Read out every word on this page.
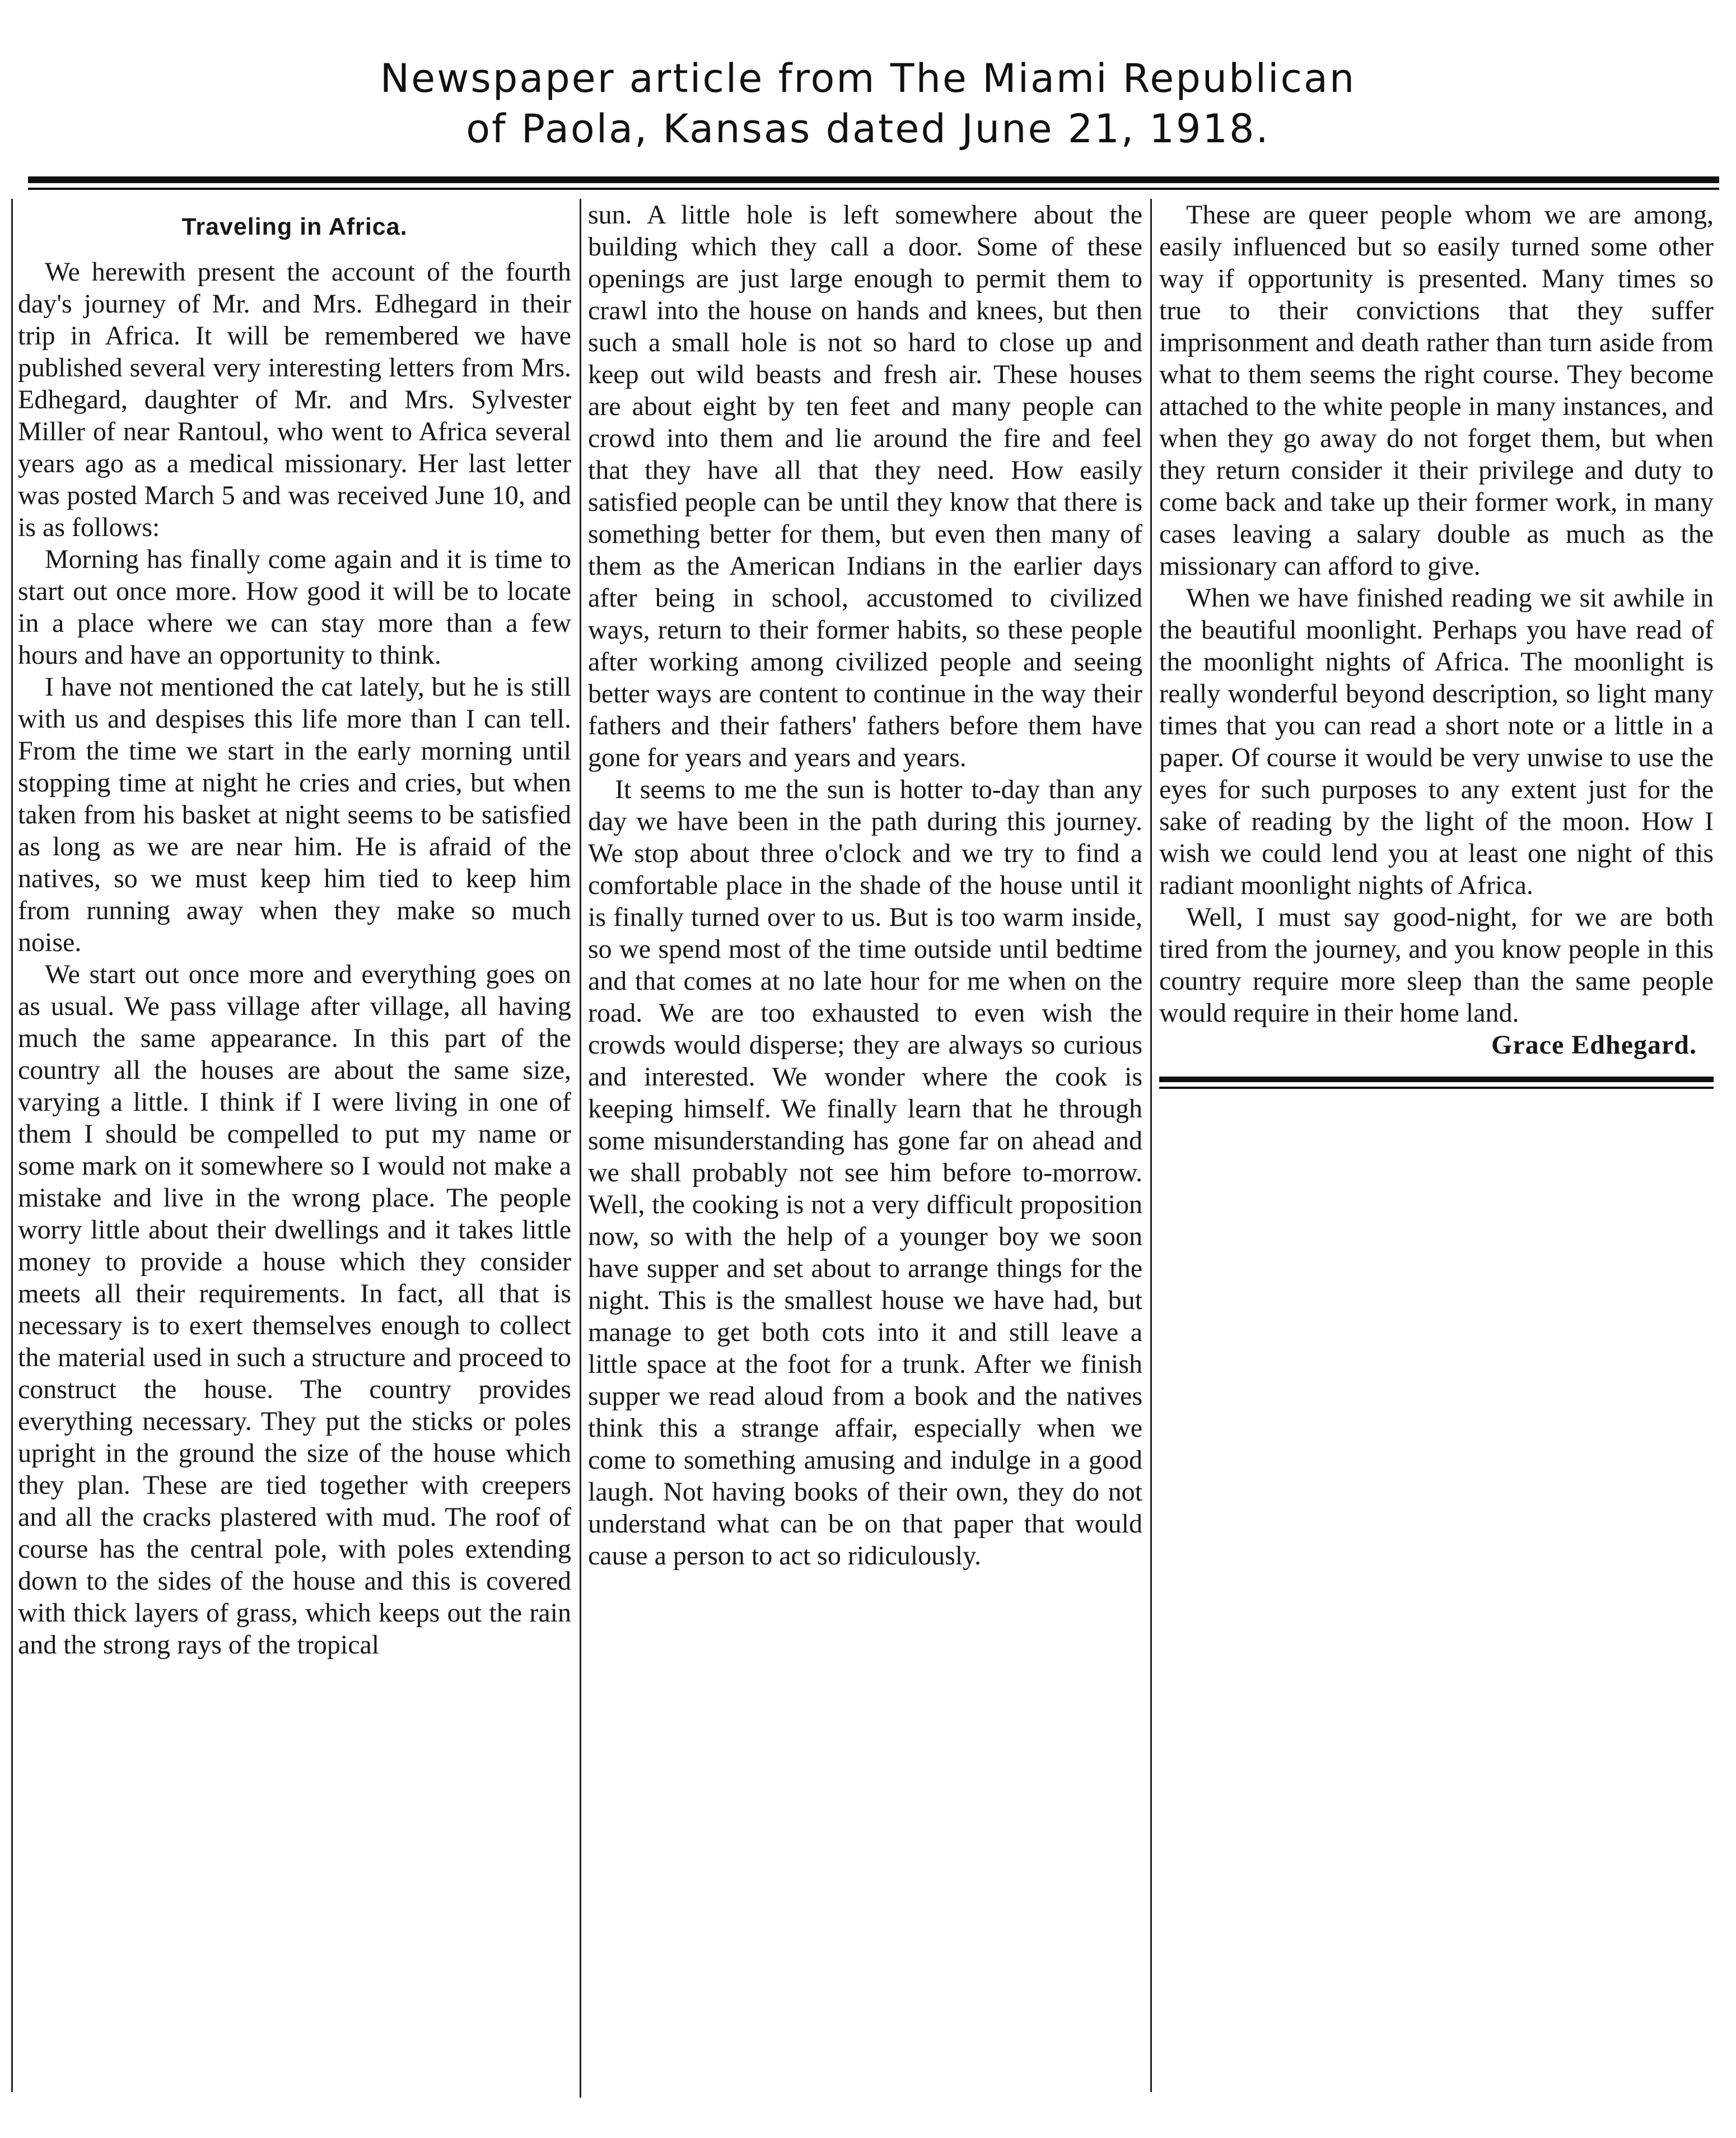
Newspaper article from The Miami Republican
of Paola, Kansas dated June 21, 1918.
Traveling in Africa.

We herewith present the account of the fourth day's journey of Mr. and Mrs. Edhegard in their trip in Africa. It will be remembered we have published several very interesting letters from Mrs. Edhegard, daughter of Mr. and Mrs. Sylvester Miller of near Rantoul, who went to Africa several years ago as a medical missionary. Her last letter was posted March 5 and was received June 10, and is as follows:

Morning has finally come again and it is time to start out once more. How good it will be to locate in a place where we can stay more than a few hours and have an opportunity to think.

I have not mentioned the cat lately, but he is still with us and despises this life more than I can tell. From the time we start in the early morning until stopping time at night he cries and cries, but when taken from his basket at night seems to be satisfied as long as we are near him. He is afraid of the natives, so we must keep him tied to keep him from running away when they make so much noise.

We start out once more and everything goes on as usual. We pass village after village, all having much the same appearance. In this part of the country all the houses are about the same size, varying a little. I think if I were living in one of them I should be compelled to put my name or some mark on it somewhere so I would not make a mistake and live in the wrong place. The people worry little about their dwellings and it takes little money to provide a house which they consider meets all their requirements. In fact, all that is necessary is to exert themselves enough to collect the material used in such a structure and proceed to construct the house. The country provides everything necessary. They put the sticks or poles upright in the ground the size of the house which they plan. These are tied together with creepers and all the cracks plastered with mud. The roof of course has the central pole, with poles extending down to the sides of the house and this is covered with thick layers of grass, which keeps out the rain and the strong rays of the tropical

sun. A little hole is left somewhere about the building which they call a door. Some of these openings are just large enough to permit them to crawl into the house on hands and knees, but then such a small hole is not so hard to close up and keep out wild beasts and fresh air. These houses are about eight by ten feet and many people can crowd into them and lie around the fire and feel that they have all that they need. How easily satisfied people can be until they know that there is something better for them, but even then many of them as the American Indians in the earlier days after being in school, accustomed to civilized ways, return to their former habits, so these people after working among civilized people and seeing better ways are content to continue in the way their fathers and their fathers' fathers before them have gone for years and years and years.

It seems to me the sun is hotter to-day than any day we have been in the path during this journey. We stop about three o'clock and we try to find a comfortable place in the shade of the house until it is finally turned over to us. But is too warm inside, so we spend most of the time outside until bedtime and that comes at no late hour for me when on the road. We are too exhausted to even wish the crowds would disperse; they are always so curious and interested. We wonder where the cook is keeping himself. We finally learn that he through some misunderstanding has gone far on ahead and we shall probably not see him before to-morrow. Well, the cooking is not a very difficult proposition now, so with the help of a younger boy we soon have supper and set about to arrange things for the night. This is the smallest house we have had, but manage to get both cots into it and still leave a little space at the foot for a trunk. After we finish supper we read aloud from a book and the natives think this a strange affair, especially when we come to something amusing and indulge in a good laugh. Not having books of their own, they do not understand what can be on that paper that would cause a person to act so ridiculously.

These are queer people whom we are among, easily influenced but so easily turned some other way if opportunity is presented. Many times so true to their convictions that they suffer imprisonment and death rather than turn aside from what to them seems the right course. They become attached to the white people in many instances, and when they go away do not forget them, but when they return consider it their privilege and duty to come back and take up their former work, in many cases leaving a salary double as much as the missionary can afford to give.

When we have finished reading we sit awhile in the beautiful moonlight. Perhaps you have read of the moonlight nights of Africa. The moonlight is really wonderful beyond description, so light many times that you can read a short note or a little in a paper. Of course it would be very unwise to use the eyes for such purposes to any extent just for the sake of reading by the light of the moon. How I wish we could lend you at least one night of this radiant moonlight nights of Africa.

Well, I must say good-night, for we are both tired from the journey, and you know people in this country require more sleep than the same people would require in their home land.

Grace Edhegard.
